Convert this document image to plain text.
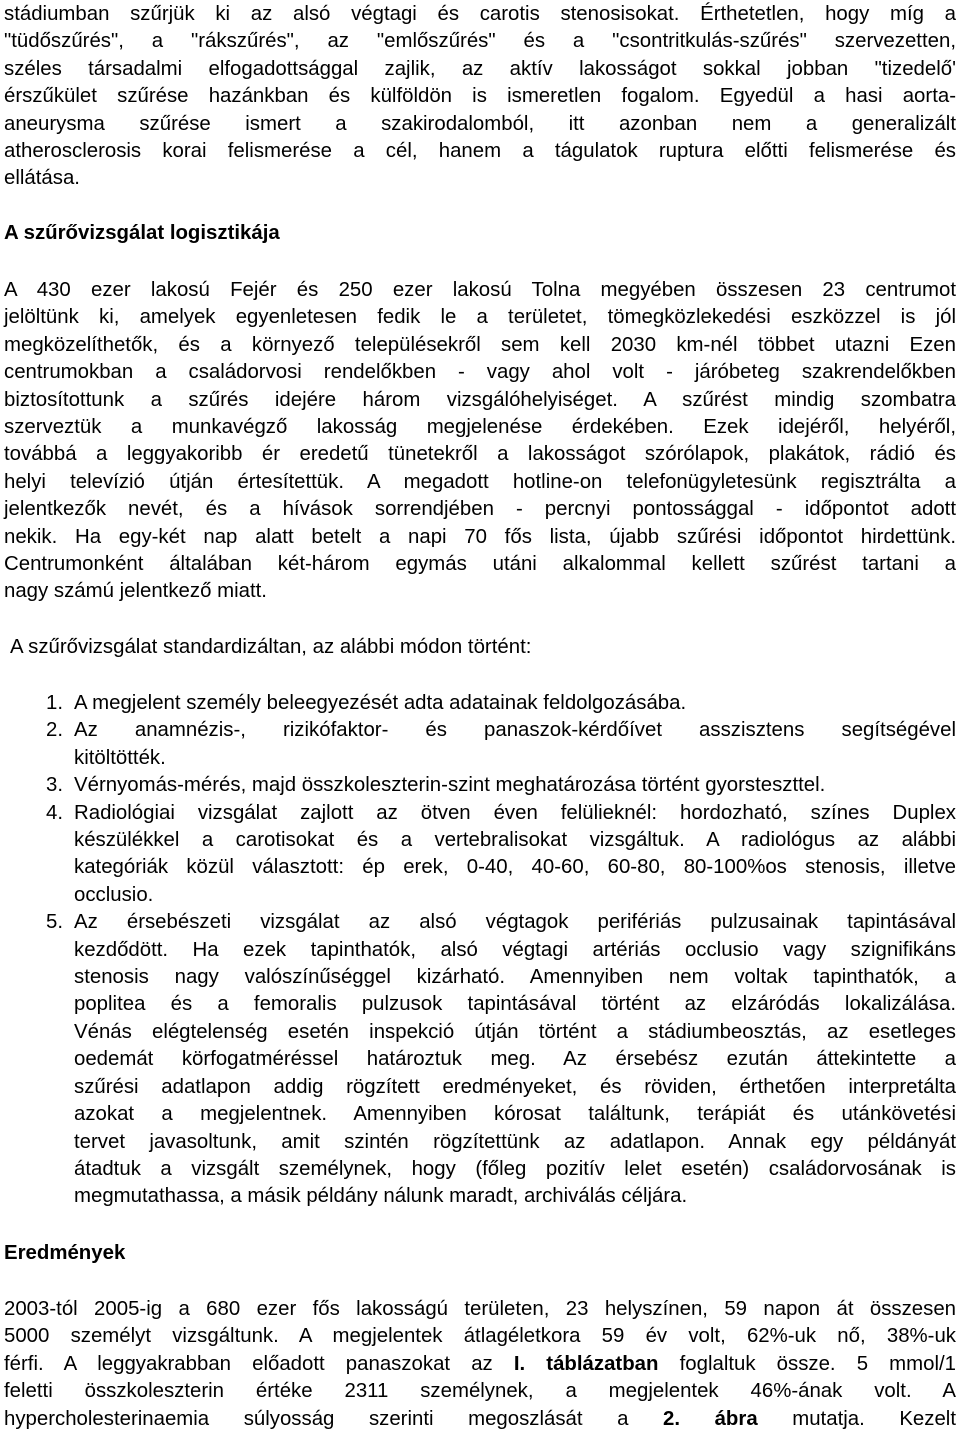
stádiumban szűrjük ki az alsó végtagi és carotis stenosisokat. Érthetetlen, hogy míg a
"tüdőszűrés", a "rákszűrés", az "emlőszűrés" és a "csontritkulás-szűrés" szervezetten,
széles társadalmi elfogadottsággal zajlik, az aktív lakosságot sokkal jobban "tizedelő'
érszűkület szűrése hazánkban és külföldön is ismeretlen fogalom. Egyedül a hasi aorta-
aneurysma szűrése ismert a szakirodalomból, itt azonban nem a generalizált
atherosclerosis korai felismerése a cél, hanem a tágulatok ruptura előtti felismerése és
ellátása.
A szűrővizsgálat logisztikája
A 430 ezer lakosú Fejér és 250 ezer lakosú Tolna megyében összesen 23 centrumot
jelöltünk ki, amelyek egyenletesen fedik le a területet, tömegközlekedési eszközzel is jól
megközelíthetők, és a környező településekről sem kell 2030 km-nél többet utazni Ezen
centrumokban a családorvosi rendelőkben - vagy ahol volt - járóbeteg szakrendelőkben
biztosítottunk a szűrés idejére három vizsgálóhelyiséget. A szűrést mindig szombatra
szerveztük a munkavégző lakosság megjelenése érdekében. Ezek idejéről, helyéről,
továbbá a leggyakoribb ér eredetű tünetekről a lakosságot szórólapok, plakátok, rádió és
helyi televízió útján értesítettük. A megadott hotline-on telefonügyletesünk regisztrálta a
jelentkezők nevét, és a hívások sorrendjében - percnyi pontossággal - időpontot adott
nekik. Ha egy-két nap alatt betelt a napi 70 fős lista, újabb szűrési időpontot hirdettünk.
Centrumonként általában két-három egymás utáni alkalommal kellett szűrést tartani a
nagy számú jelentkező miatt.
A szűrővizsgálat standardizáltan, az alábbi módon történt:
1. A megjelent személy beleegyezését adta adatainak feldolgozásába.
2. Az anamnézis-, rizikófaktor- és panaszok-kérdőívet asszisztens segítségével
kitöltötték.
3. Vérnyomás-mérés, majd összkoleszterin-szint meghatározása történt gyorsteszttel.
4. Radiológiai vizsgálat zajlott az ötven éven felülieknél: hordozható, színes Duplex
készülékkel a carotisokat és a vertebralisokat vizsgáltuk. A radiológus az alábbi
kategóriák közül választott: ép erek, 0-40, 40-60, 60-80, 80-100%os stenosis, illetve
occlusio.
5. Az érsebészeti vizsgálat az alsó végtagok perifériás pulzusainak tapintásával
kezdődött. Ha ezek tapinthatók, alsó végtagi artériás occlusio vagy szignifikáns
stenosis nagy valószínűséggel kizárható. Amennyiben nem voltak tapinthatók, a
poplitea és a femoralis pulzusok tapintásával történt az elzáródás lokalizálása.
Vénás elégtelenség esetén inspekció útján történt a stádiumbeosztás, az esetleges
oedemát körfogatméréssel határoztuk meg. Az érsebész ezután áttekintette a
szűrési adatlapon addig rögzített eredményeket, és röviden, érthetően interpretálta
azokat a megjelentnek. Amennyiben kórosat találtunk, terápiát és utánkövetési
tervet javasoltunk, amit szintén rögzítettünk az adatlapon. Annak egy példányát
átadtuk a vizsgált személynek, hogy (főleg pozitív lelet esetén) családorvosának is
megmutathassa, a másik példány nálunk maradt, archiválás céljára.
Eredmények
2003-tól 2005-ig a 680 ezer fős lakosságú területen, 23 helyszínen, 59 napon át összesen
5000 személyt vizsgáltunk. A megjelentek átlagéletkora 59 év volt, 62%-uk nő, 38%-uk
férfi. A leggyakrabban előadott panaszokat az I. táblázatban foglaltuk össze. 5 mmol/1
feletti összkoleszterin értéke 2311 személynek, a megjelentek 46%-ának volt. A
hypercholesterinaemia súlyosság szerinti megoszlását a 2. ábra mutatja. Kezelt
